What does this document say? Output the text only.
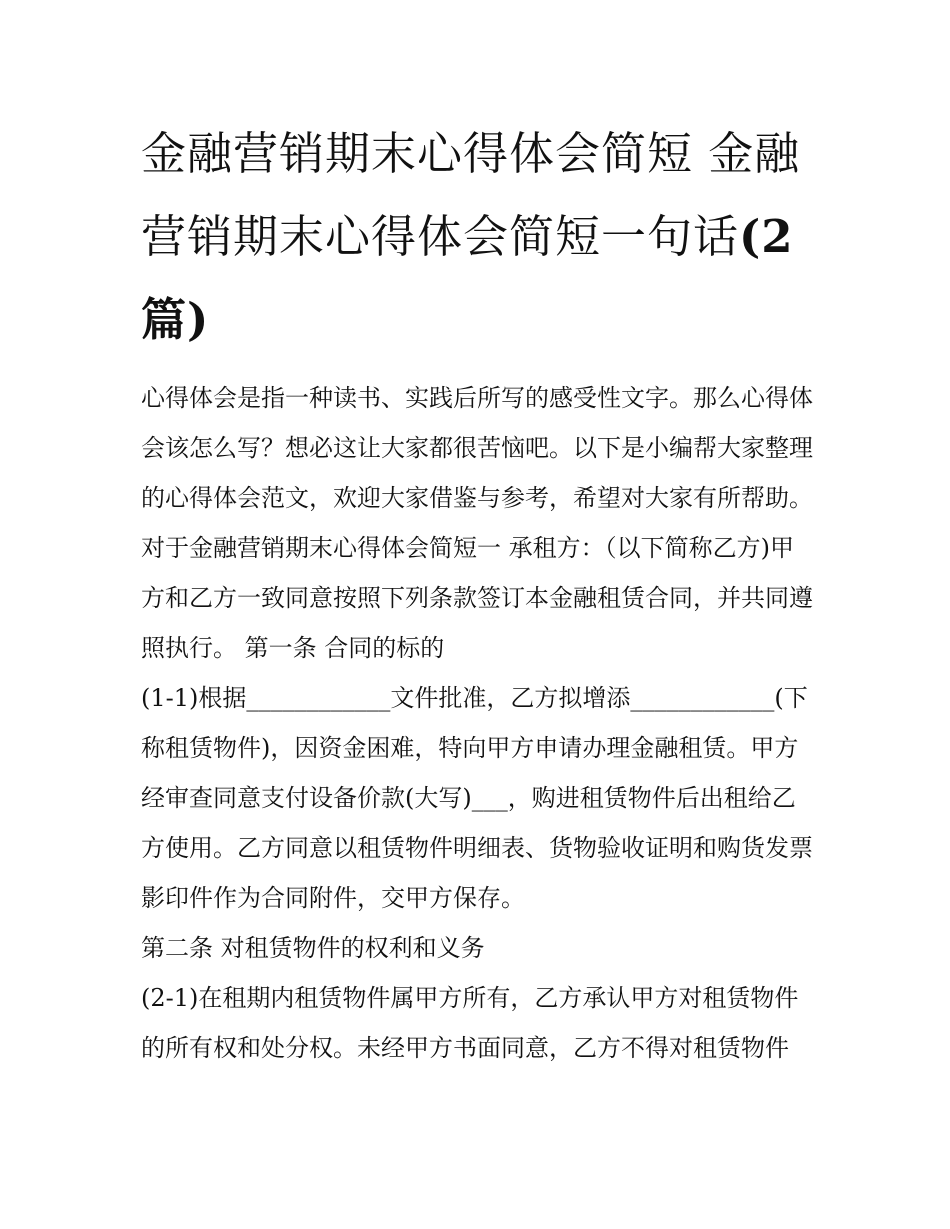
金融营销期末心得体会简短 金融营销期末心得体会简短一句话(2篇)

心得体会是指一种读书、实践后所写的感受性文字。那么心得体会该怎么写？想必这让大家都很苦恼吧。以下是小编帮大家整理的心得体会范文，欢迎大家借鉴与参考，希望对大家有所帮助。

对于金融营销期末心得体会简短一 承租方：（以下简称乙方)甲方和乙方一致同意按照下列条款签订本金融租赁合同，并共同遵照执行。 第一条 合同的标的

(1-1)根据____________文件批准，乙方拟增添____________(下称租赁物件)，因资金困难，特向甲方申请办理金融租赁。甲方经审查同意支付设备价款(大写)___，购进租赁物件后出租给乙方使用。乙方同意以租赁物件明细表、货物验收证明和购货发票影印件作为合同附件，交甲方保存。

第二条 对租赁物件的权利和义务

(2-1)在租期内租赁物件属甲方所有，乙方承认甲方对租赁物件的所有权和处分权。未经甲方书面同意，乙方不得对租赁物件
